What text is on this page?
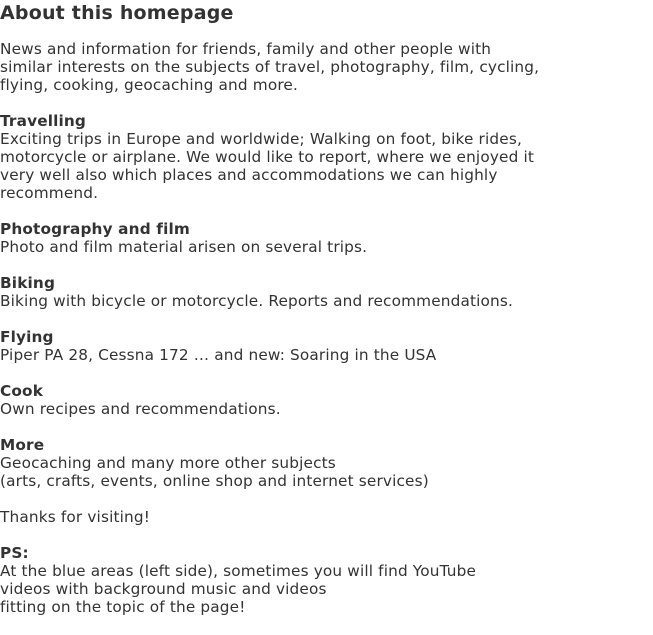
About this homepage
News and information for friends, family and other people with
similar interests on the subjects of travel, photography, film, cycling,
flying, cooking, geocaching and more.
Travelling
Exciting trips in Europe and worldwide; Walking on foot, bike rides,
motorcycle or airplane. We would like to report, where we enjoyed it
very well also which places and accommodations we can highly
recommend.
Photography and film
Photo and film material arisen on several trips.
Biking
Biking with bicycle or motorcycle. Reports and recommendations.
Flying
Piper PA 28, Cessna 172 … and new: Soaring in the USA
Cook
Own recipes and recommendations.
More
Geocaching and many more other subjects
(arts, crafts, events, online shop and internet services)
Thanks for visiting!
PS:
At the blue areas (left side), sometimes you will find YouTube
videos with background music and videos
fitting on the topic of the page!
